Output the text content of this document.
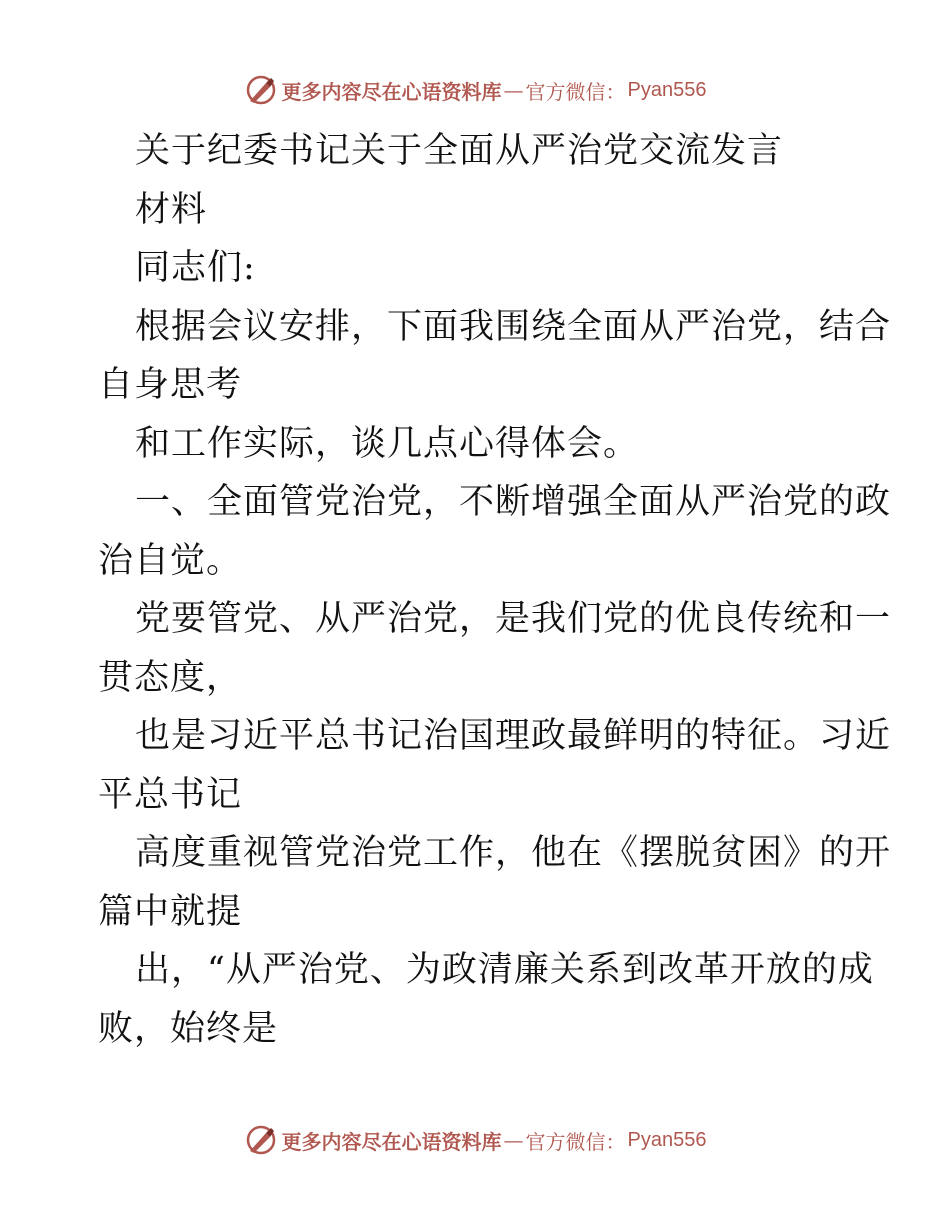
更多内容尽在心语资料库 — 官方微信： Pyan556
关于纪委书记关于全面从严治党交流发言
材料
同志们:
根据会议安排，下面我围绕全面从严治党，结合
自身思考
和工作实际，谈几点心得体会。
一、全面管党治党，不断增强全面从严治党的政
治自觉。
党要管党、从严治党，是我们党的优良传统和一
贯态度，
也是习近平总书记治国理政最鲜明的特征。习近
平总书记
高度重视管党治党工作，他在《摆脱贫困》的开
篇中就提
出，“从严治党、为政清廉关系到改革开放的成
败，始终是
更多内容尽在心语资料库 — 官方微信： Pyan556
